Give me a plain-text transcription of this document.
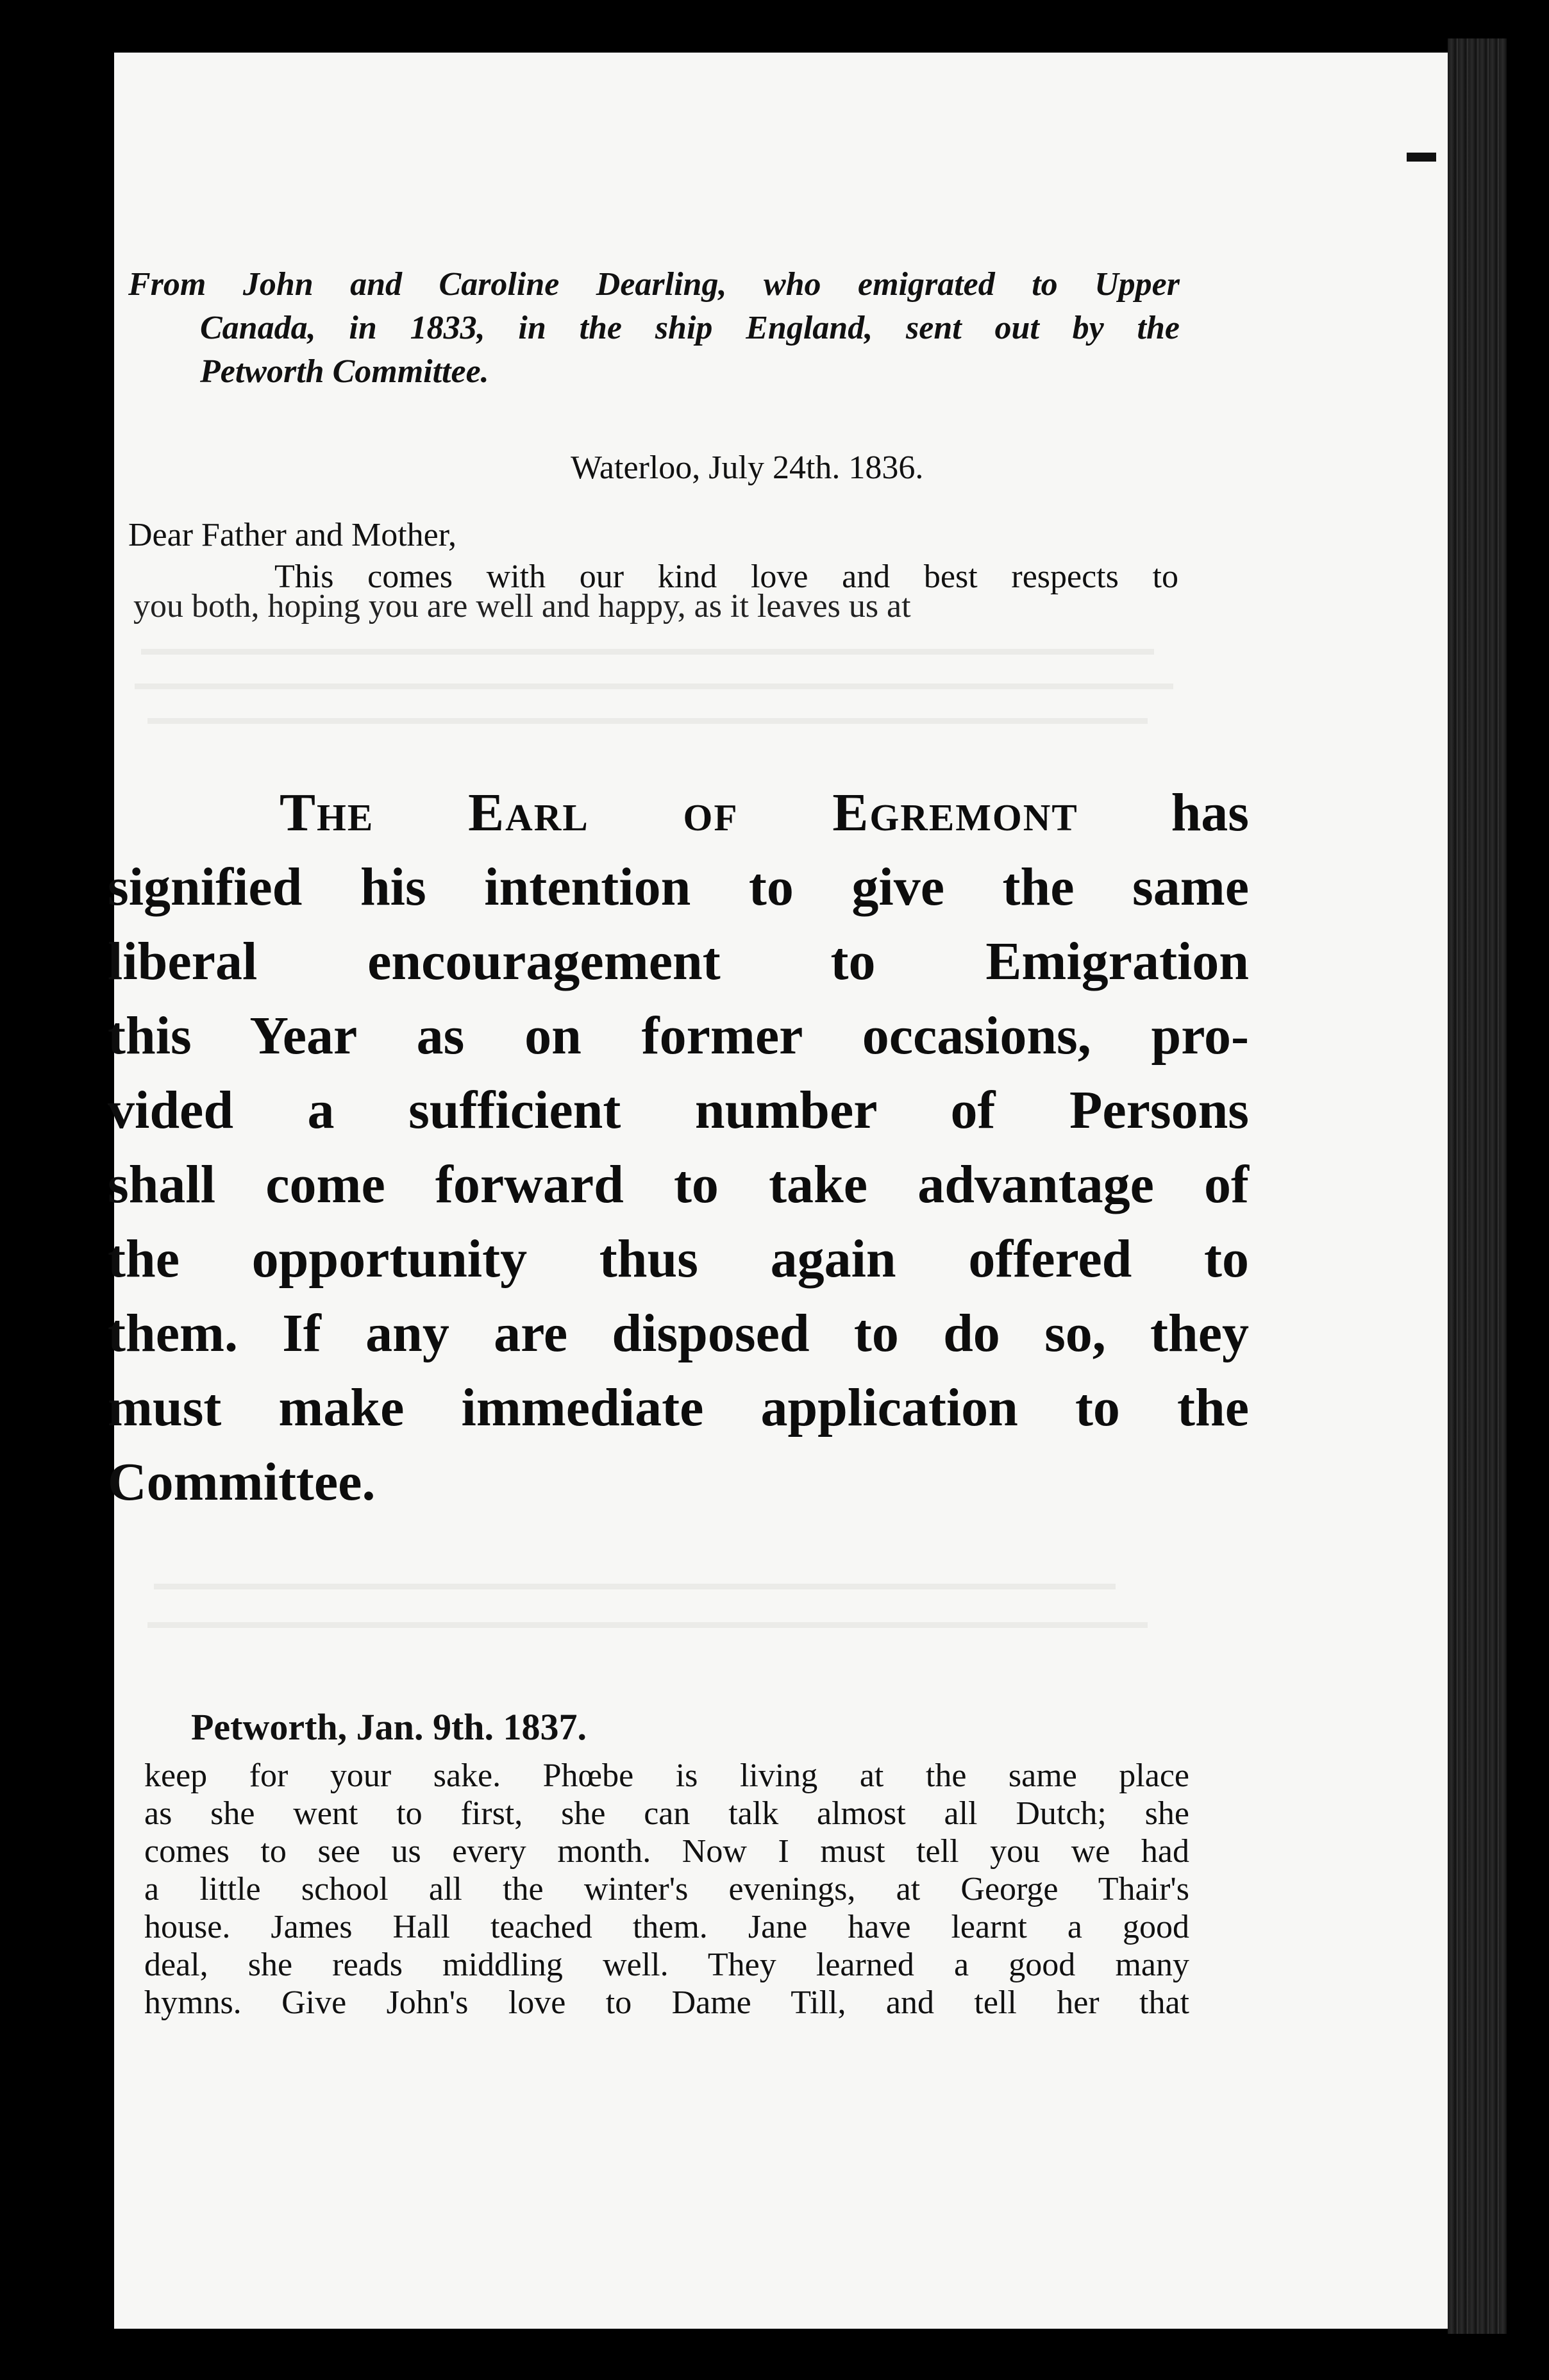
From John and Caroline Dearling, who emigrated to Upper

Canada, in 1833, in the ship England, sent out by the

Petworth Committee.

Waterloo, July 24th. 1836.
Dear Father and Mother,
This comes with our kind love and best respects to
you both, hoping you are well and happy, as it leaves us at

The Earl of Egremont has

signified his intention to give the same

liberal encouragement to Emigration

this Year as on former occasions, pro-

vided a sufficient number of Persons

shall come forward to take advantage of

the opportunity thus again offered to

them. If any are disposed to do so, they

must make immediate application to the

Committee.

Petworth, Jan. 9th. 1837.

keep for your sake. Phœbe is living at the same place

as she went to first, she can talk almost all Dutch; she

comes to see us every month. Now I must tell you we had

a little school all the winter's evenings, at George Thair's

house. James Hall teached them. Jane have learnt a good

deal, she reads middling well. They learned a good many

hymns. Give John's love to Dame Till, and tell her that
